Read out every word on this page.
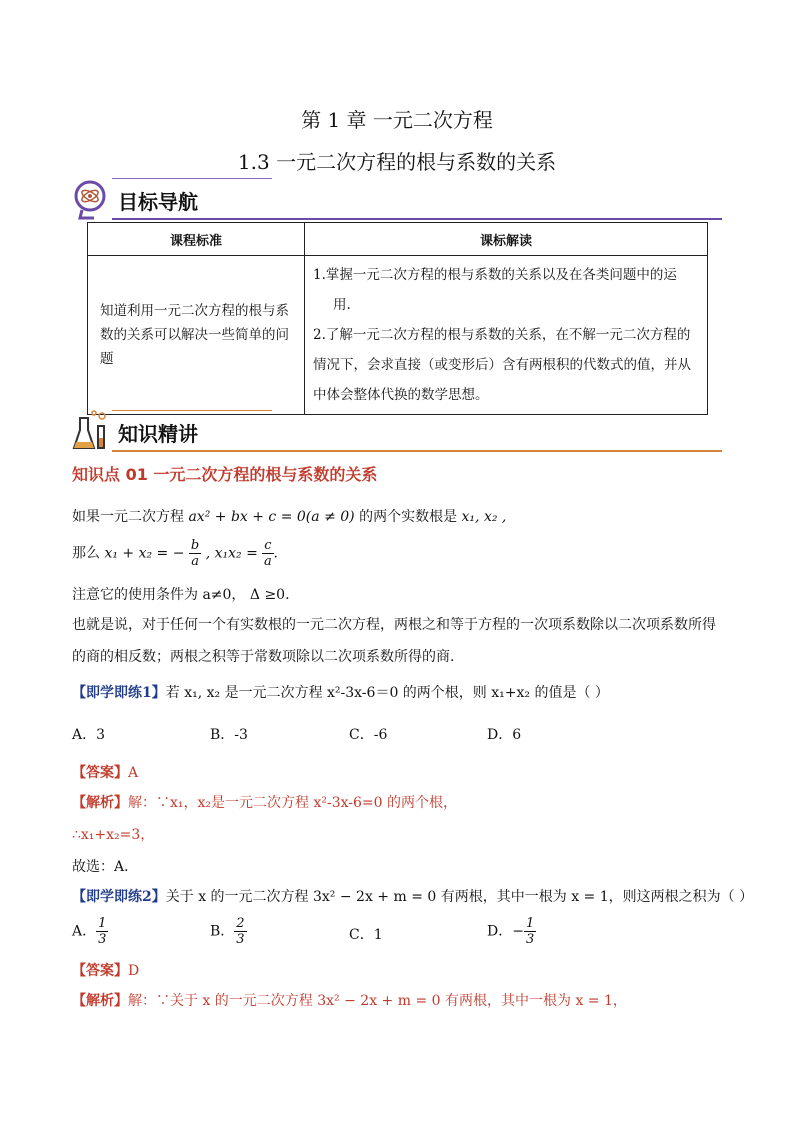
第 1 章 一元二次方程
1.3 一元二次方程的根与系数的关系
目标导航
课程标准	课标解读
知道利用一元二次方程的根与系数的关系可以解决一些简单的问题	1.掌握一元二次方程的根与系数的关系以及在各类问题中的运
用.
2.了解一元二次方程的根与系数的关系，在不解一元二次方程的
情况下，会求直接（或变形后）含有两根积的代数式的值，并从
中体会整体代换的数学思想。
知识精讲
知识点 01 一元二次方程的根与系数的关系
如果一元二次方程 ax² + bx + c = 0(a ≠ 0) 的两个实数根是 x₁, x₂ ,
那么 x₁ + x₂ = − $\frac{b}{a}$ , $x_1x_2 = \frac{c}{a}$ .
注意它的使用条件为 a≠0， Δ ≥0.
也就是说，对于任何一个有实数根的一元二次方程，两根之和等于方程的一次项系数除以二次项系数所得
的商的相反数；两根之积等于常数项除以二次项系数所得的商.
【即学即练1】若 x₁, x₂ 是一元二次方程 x²-3x-6＝0 的两个根，则 x₁+x₂ 的值是（ ）
A．3	B．-3	C．-6	D．6
【答案】A
【解析】解：∵x₁，x₂是一元二次方程 x²-3x-6=0 的两个根，
∴x₁+x₂=3，
故选：A．
【即学即练2】关于 x 的一元二次方程 3x² − 2x + m = 0 有两根，其中一根为 x = 1，则这两根之积为（ ）
A． $\frac{1}{3}$	B． $\frac{2}{3}$	C．1	D．− $\frac{1}{3}$
【答案】D
【解析】解：∵关于 x 的一元二次方程 3x² − 2x + m = 0 有两根，其中一根为 x = 1，
